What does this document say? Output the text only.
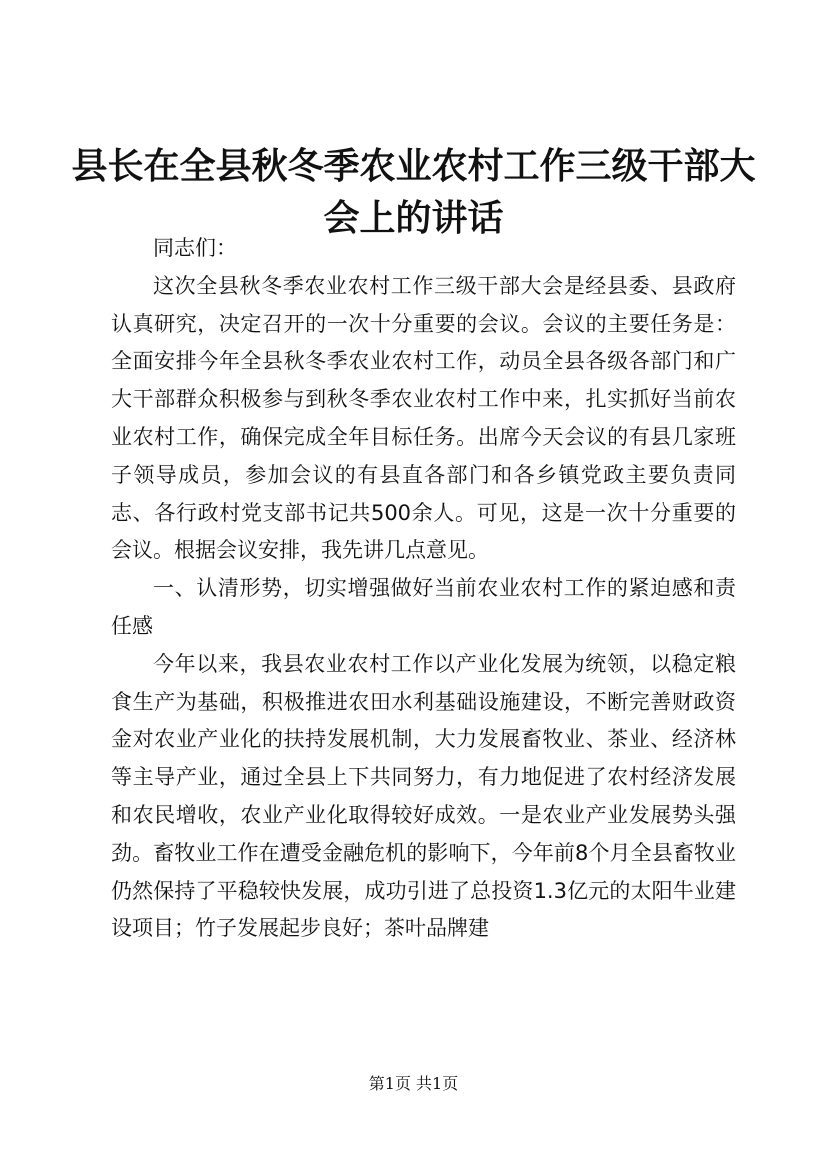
县长在全县秋冬季农业农村工作三级干部大会上的讲话

同志们：

这次全县秋冬季农业农村工作三级干部大会是经县委、县政府认真研究，决定召开的一次十分重要的会议。会议的主要任务是：全面安排今年全县秋冬季农业农村工作，动员全县各级各部门和广大干部群众积极参与到秋冬季农业农村工作中来，扎实抓好当前农业农村工作，确保完成全年目标任务。出席今天会议的有县几家班子领导成员，参加会议的有县直各部门和各乡镇党政主要负责同志、各行政村党支部书记共500余人。可见，这是一次十分重要的会议。根据会议安排，我先讲几点意见。

一、认清形势，切实增强做好当前农业农村工作的紧迫感和责任感

今年以来，我县农业农村工作以产业化发展为统领，以稳定粮食生产为基础，积极推进农田水利基础设施建设，不断完善财政资金对农业产业化的扶持发展机制，大力发展畜牧业、茶业、经济林等主导产业，通过全县上下共同努力，有力地促进了农村经济发展和农民增收，农业产业化取得较好成效。一是农业产业发展势头强劲。畜牧业工作在遭受金融危机的影响下，今年前8个月全县畜牧业仍然保持了平稳较快发展，成功引进了总投资1.3亿元的太阳牛业建设项目；竹子发展起步良好；茶叶品牌建

第1页 共1页
